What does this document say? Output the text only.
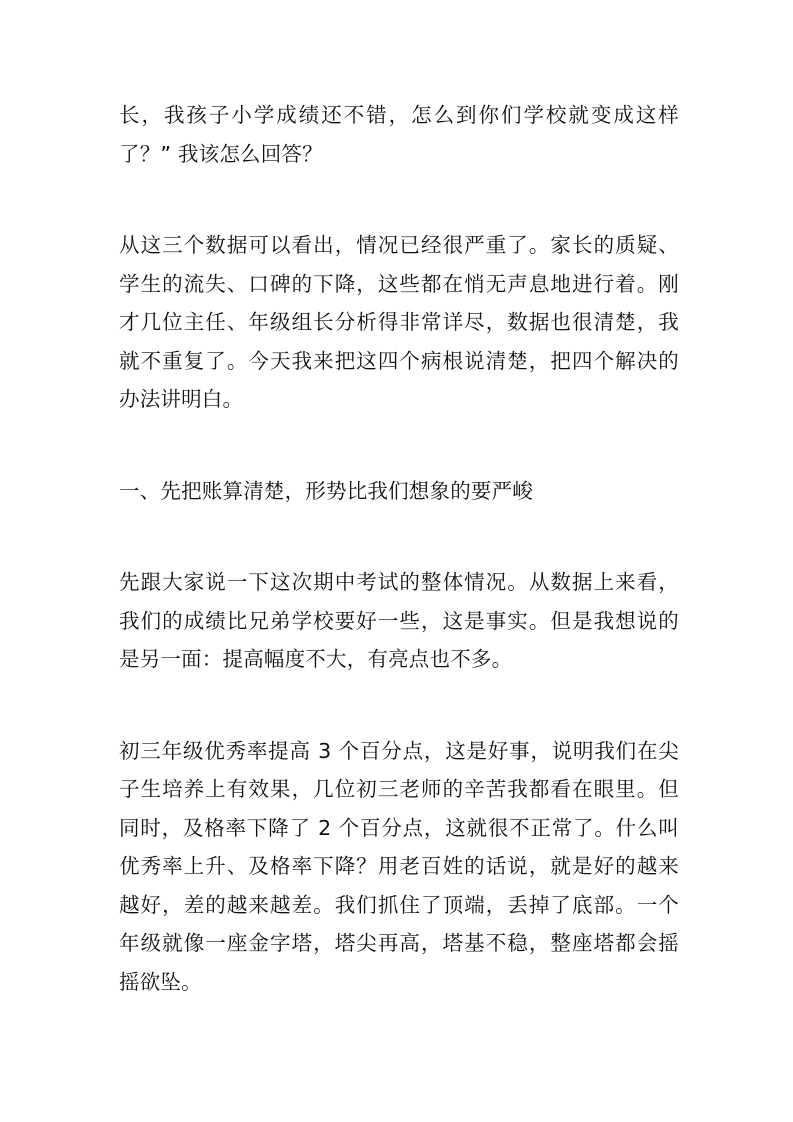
长，我孩子小学成绩还不错，怎么到你们学校就变成这样
了？” 我该怎么回答？
从这三个数据可以看出，情况已经很严重了。家长的质疑、
学生的流失、口碑的下降，这些都在悄无声息地进行着。刚
才几位主任、年级组长分析得非常详尽，数据也很清楚，我
就不重复了。今天我来把这四个病根说清楚，把四个解决的
办法讲明白。
一、先把账算清楚，形势比我们想象的要严峻
先跟大家说一下这次期中考试的整体情况。从数据上来看，
我们的成绩比兄弟学校要好一些，这是事实。但是我想说的
是另一面：提高幅度不大，有亮点也不多。
初三年级优秀率提高 3 个百分点，这是好事，说明我们在尖
子生培养上有效果，几位初三老师的辛苦我都看在眼里。但
同时，及格率下降了 2 个百分点，这就很不正常了。什么叫
优秀率上升、及格率下降？用老百姓的话说，就是好的越来
越好，差的越来越差。我们抓住了顶端，丢掉了底部。一个
年级就像一座金字塔，塔尖再高，塔基不稳，整座塔都会摇
摇欲坠。
